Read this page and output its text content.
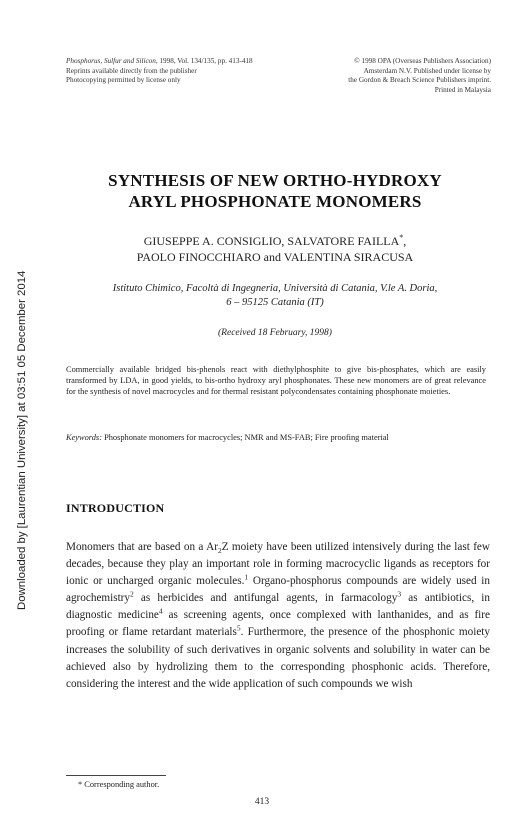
Downloaded by [Laurentian University] at 03:51 05 December 2014
Phosphorus, Sulfur and Silicon, 1998, Vol. 134/135, pp. 413-418
Reprints available directly from the publisher
Photocopying permitted by license only
© 1998 OPA (Overseas Publishers Association)
Amsterdam N.V. Published under license by
the Gordon & Breach Science Publishers imprint.
Printed in Malaysia
SYNTHESIS OF NEW ORTHO-HYDROXY
ARYL PHOSPHONATE MONOMERS
GIUSEPPE A. CONSIGLIO, SALVATORE FAILLA*,
PAOLO FINOCCHIARO and VALENTINA SIRACUSA
Istituto Chimico, Facoltà di Ingegneria, Università di Catania, V.le A. Doria,
6 – 95125 Catania (IT)
(Received 18 February, 1998)
Commercially available bridged bis-phenols react with diethylphosphite to give bis-phosphates, which are easily transformed by LDA, in good yields, to bis-ortho hydroxy aryl phosphonates. These new monomers are of great relevance for the synthesis of novel macrocycles and for thermal resistant polycondensates containing phosphonate moieties.
Keywords: Phosphonate monomers for macrocycles; NMR and MS-FAB; Fire proofing material
INTRODUCTION
Monomers that are based on a $Ar_2Z$ moiety have been utilized intensively during the last few decades, because they play an important role in forming macrocyclic ligands as receptors for ionic or uncharged organic molecules.$^1$ Organo-phosphorus compounds are widely used in agrochemistry$^2$ as herbicides and antifungal agents, in farmacology$^3$ as antibiotics, in diagnostic medicine$^4$ as screening agents, once complexed with lanthanides, and as fire proofing or flame retardant materials$^5$. Furthermore, the presence of the phosphonic moiety increases the solubility of such derivatives in organic solvents and solubility in water can be achieved also by hydrolizing them to the corresponding phosphonic acids. Therefore, considering the interest and the wide application of such compounds we wish
* Corresponding author.
413
